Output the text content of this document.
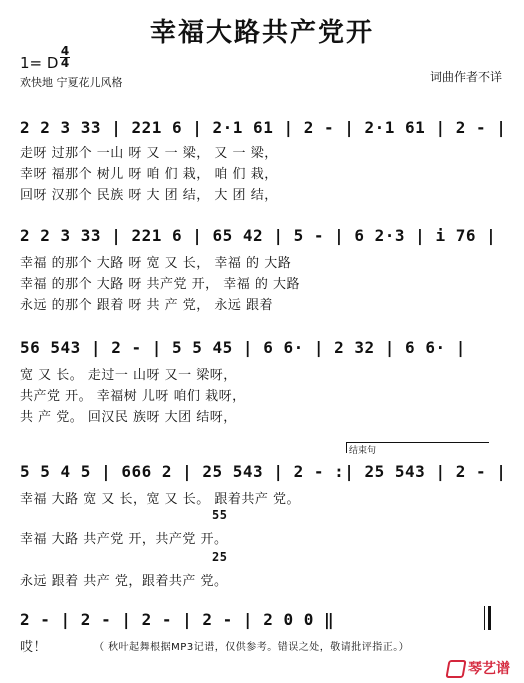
幸福大路共产党开
1= D
4
4
欢快地 宁夏花儿风格	词曲作者不详
2 2 3 33 | 221 6 | 2·1 61 | 2 - | 2·1 61 | 2 - |
走呀 过那个 一山 呀 又 一 梁， 又 一 梁，
幸呀 福那个 树儿 呀 咱 们 栽， 咱 们 栽，
回呀 汉那个 民族 呀 大 团 结， 大 团 结，
2 2 3 33 | 221 6 | 65 42 | 5 - | 6 2·3 | i 76 |
幸福 的那个 大路 呀 宽 又 长， 幸福 的 大路
幸福 的那个 大路 呀 共产党 开， 幸福 的 大路
永远 的那个 跟着 呀 共 产 党， 永远 跟着
56 543 | 2 - | 5 5 45 | 6 6· | 2 32 | 6 6· |
宽 又 长。 走过一 山呀 又一 梁呀，
共产党 开。 幸福树 儿呀 咱们 栽呀，
共 产 党。 回汉民 族呀 大团 结呀，
结束句
5 5 4 5 | 666 2 | 25 543 | 2 - :| 25 543 | 2 - |
幸福 大路 宽 又 长，宽 又 长。 跟着共产 党。
55
幸福 大路 共产党 开，共产党 开。
25
永远 跟着 共产 党，跟着共产 党。
2 - | 2 - | 2 - | 2 - | 2 0 0 ‖
哎！	（ 秋叶起舞根据MP3记谱，仅供参考。错误之处，敬请批评指正。）
琴艺谱
